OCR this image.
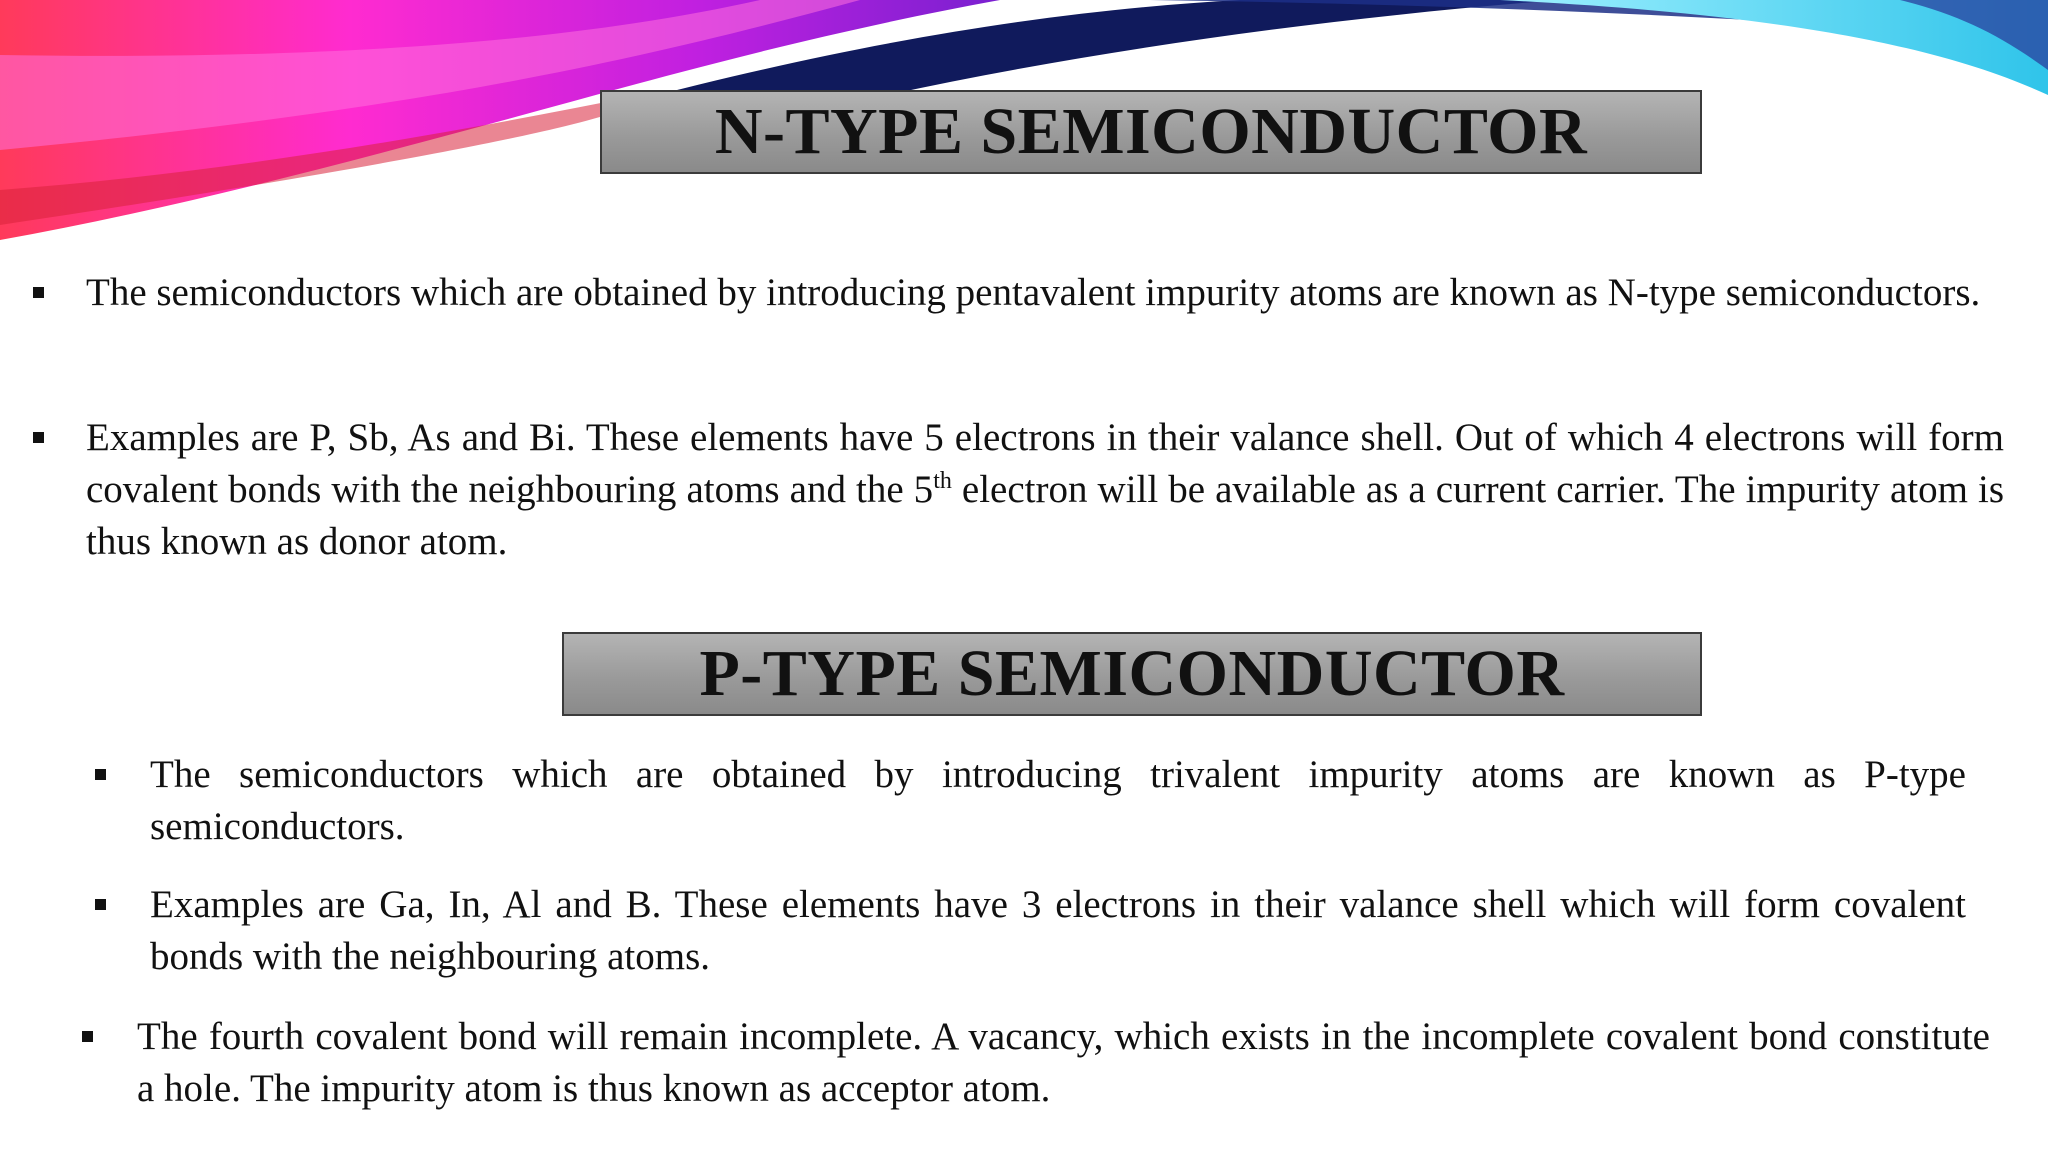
N-TYPE SEMICONDUCTOR

The semiconductors which are obtained by introducing pentavalent impurity atoms are known as N-type semiconductors.

Examples are P, Sb, As and Bi. These elements have 5 electrons in their valance shell. Out of which 4 electrons will form covalent bonds with the neighbouring atoms and the 5th electron will be available as a current carrier. The impurity atom is thus known as donor atom.

P-TYPE SEMICONDUCTOR

The semiconductors which are obtained by introducing trivalent impurity atoms are known as P-type semiconductors.

Examples are Ga, In, Al and B. These elements have 3 electrons in their valance shell which will form covalent bonds with the neighbouring atoms.

The fourth covalent bond will remain incomplete. A vacancy, which exists in the incomplete covalent bond constitute a hole. The impurity atom is thus known as acceptor atom.
